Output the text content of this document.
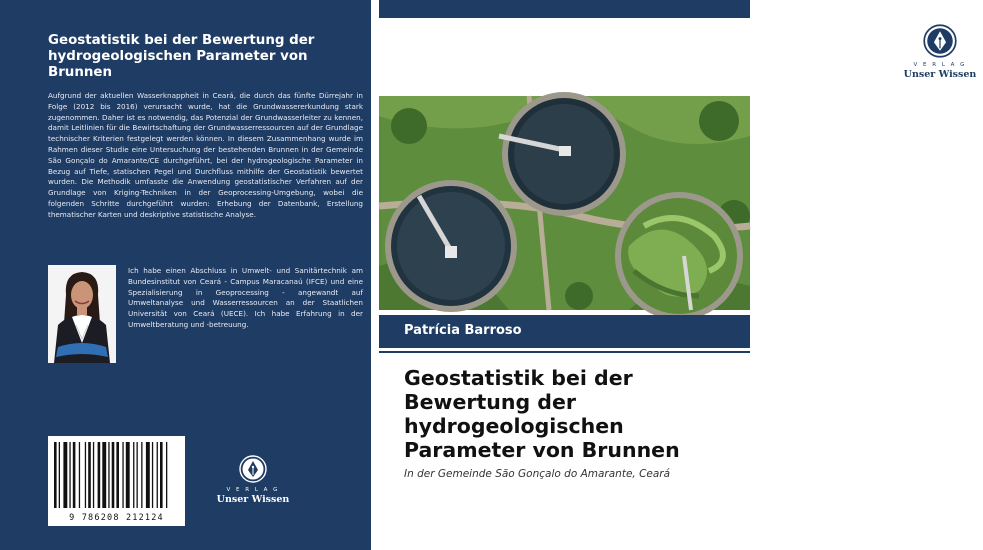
Geostatistik bei der Bewertung der hydrogeologischen Parameter von Brunnen

Aufgrund der aktuellen Wasserknappheit in Ceará, die durch das fünfte Dürrejahr in Folge (2012 bis 2016) verursacht wurde, hat die Grundwassererkundung stark zugenommen. Daher ist es notwendig, das Potenzial der Grundwasserleiter zu kennen, damit Leitlinien für die Bewirtschaftung der Grundwasserressourcen auf der Grundlage technischer Kriterien festgelegt werden können. In diesem Zusammenhang wurde im Rahmen dieser Studie eine Untersuchung der bestehenden Brunnen in der Gemeinde São Gonçalo do Amarante/CE durchgeführt, bei der hydrogeologische Parameter in Bezug auf Tiefe, statischen Pegel und Durchfluss mithilfe der Geostatistik bewertet wurden. Die Methodik umfasste die Anwendung geostatistischer Verfahren auf der Grundlage von Kriging-Techniken in der Geoprocessing-Umgebung, wobei die folgenden Schritte durchgeführt wurden: Erhebung der Datenbank, Erstellung thematischer Karten und deskriptive statistische Analyse.

Ich habe einen Abschluss in Umwelt- und Sanitärtechnik am Bundesinstitut von Ceará - Campus Maracanaú (IFCE) und eine Spezialisierung in Geoprocessing - angewandt auf Umweltanalyse und Wasserressourcen an der Staatlichen Universität von Ceará (UECE). Ich habe Erfahrung in der Umweltberatung und -betreuung.

9 786208 212124

V E R L A G

Unser Wissen

V E R L A G

Unser Wissen

Patrícia Barroso

Geostatistik bei der Bewertung der hydrogeologischen Parameter von Brunnen

In der Gemeinde São Gonçalo do Amarante, Ceará
